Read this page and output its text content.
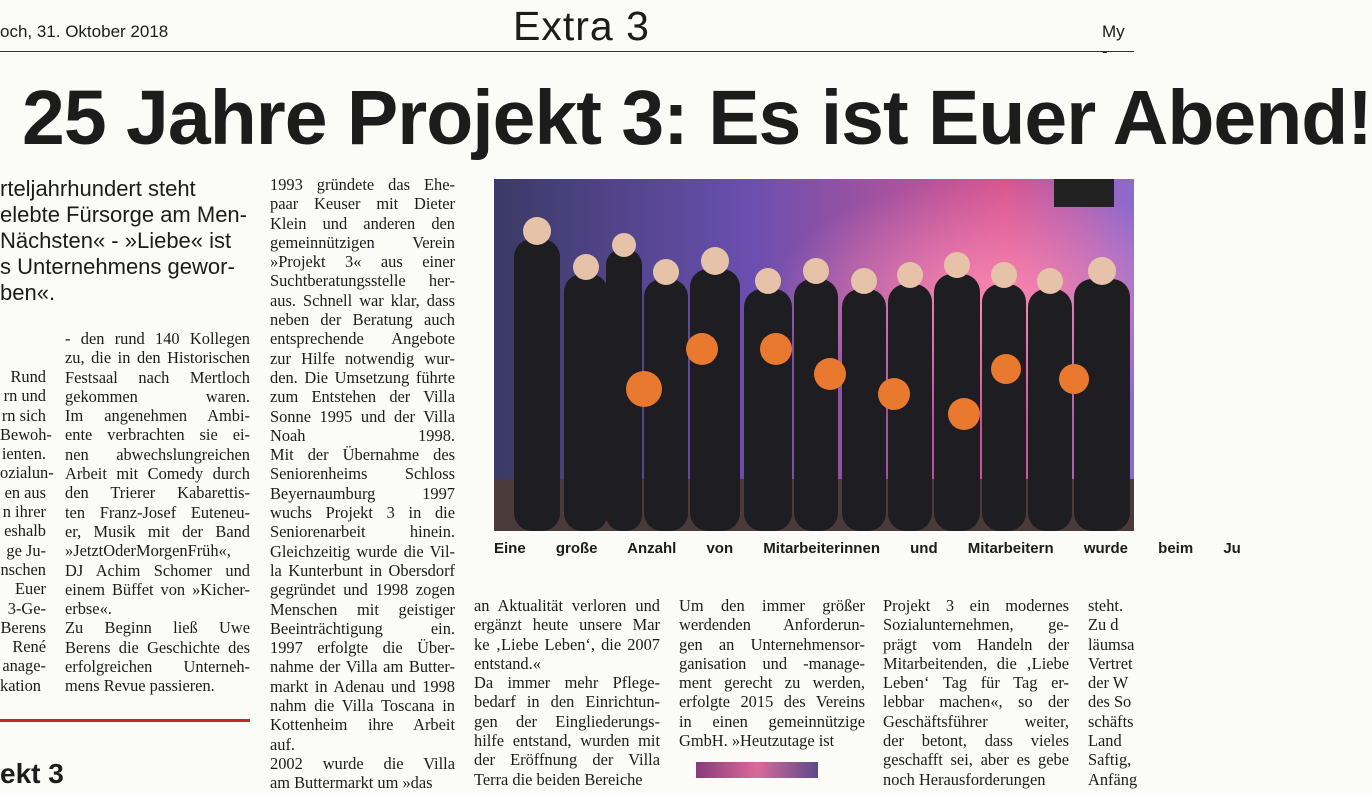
och, 31. Oktober 2018	Extra 3	My
25 Jahre Projekt 3: Es ist Euer Abend!
rteljahrhundert steht
elebte Fürsorge am Men-
Nächsten« - »Liebe« ist
s Unternehmens gewor-
ben«.
Rund
rn und
rn sich
Bewoh-
ienten.
ozialun-
en aus
n ihrer
eshalb
ge Ju-
nschen
Euer
3-Ge-
Berens
René
anage-
kation
- den rund 140 Kollegen
zu, die in den Historischen
Festsaal nach Mertloch
gekommen waren.
Im angenehmen Ambi-
ente verbrachten sie ei-
nen abwechslungreichen
Arbeit mit Comedy durch
den Trierer Kabarettis-
ten Franz-Josef Euteneu-
er, Musik mit der Band
»JetztOderMorgenFrüh«,
DJ Achim Schomer und
einem Büffet von »Kicher-
erbse«.
Zu Beginn ließ Uwe
Berens die Geschichte des
erfolgreichen Unterneh-
mens Revue passieren.
1993 gründete das Ehe-
paar Keuser mit Dieter
Klein und anderen den
gemeinnützigen Verein
»Projekt 3« aus einer
Suchtberatungsstelle her-
aus. Schnell war klar, dass
neben der Beratung auch
entsprechende Angebote
zur Hilfe notwendig wur-
den. Die Umsetzung führte
zum Entstehen der Villa
Sonne 1995 und der Villa
Noah 1998.
Mit der Übernahme des
Seniorenheims Schloss
Beyernaumburg 1997
wuchs Projekt 3 in die
Seniorenarbeit hinein.
Gleichzeitig wurde die Vil-
la Kunterbunt in Obersdorf
gegründet und 1998 zogen
Menschen mit geistiger
Beeinträchtigung ein.
1997 erfolgte die Über-
nahme der Villa am Butter-
markt in Adenau und 1998
nahm die Villa Toscana in
Kottenheim ihre Arbeit
auf.
2002 wurde die Villa
am Buttermarkt um »das
an Aktualität verloren und
ergänzt heute unsere Mar
ke ‚Liebe Leben‘, die 2007
entstand.«
Da immer mehr Pflege-
bedarf in den Einrichtun-
gen der Eingliederungs-
hilfe entstand, wurden mit
der Eröffnung der Villa
Terra die beiden Bereiche
Um den immer größer
werdenden Anforderun-
gen an Unternehmensor-
ganisation und -manage-
ment gerecht zu werden,
erfolgte 2015 des Vereins
in einen gemeinnützige
GmbH. »Heutzutage ist
Projekt 3 ein modernes
Sozialunternehmen, ge-
prägt vom Handeln der
Mitarbeitenden, die ‚Liebe
Leben‘ Tag für Tag er-
lebbar machen«, so der
Geschäftsführer weiter,
der betont, dass vieles
geschafft sei, aber es gebe
noch Herausforderungen
steht.
Zu d
läumsa
Vertret
der W
des So
schäfts
Land
Saftig,
Anfäng
ekt 3
Eine große Anzahl von Mitarbeiterinnen und Mitarbeitern wurde beim Ju
